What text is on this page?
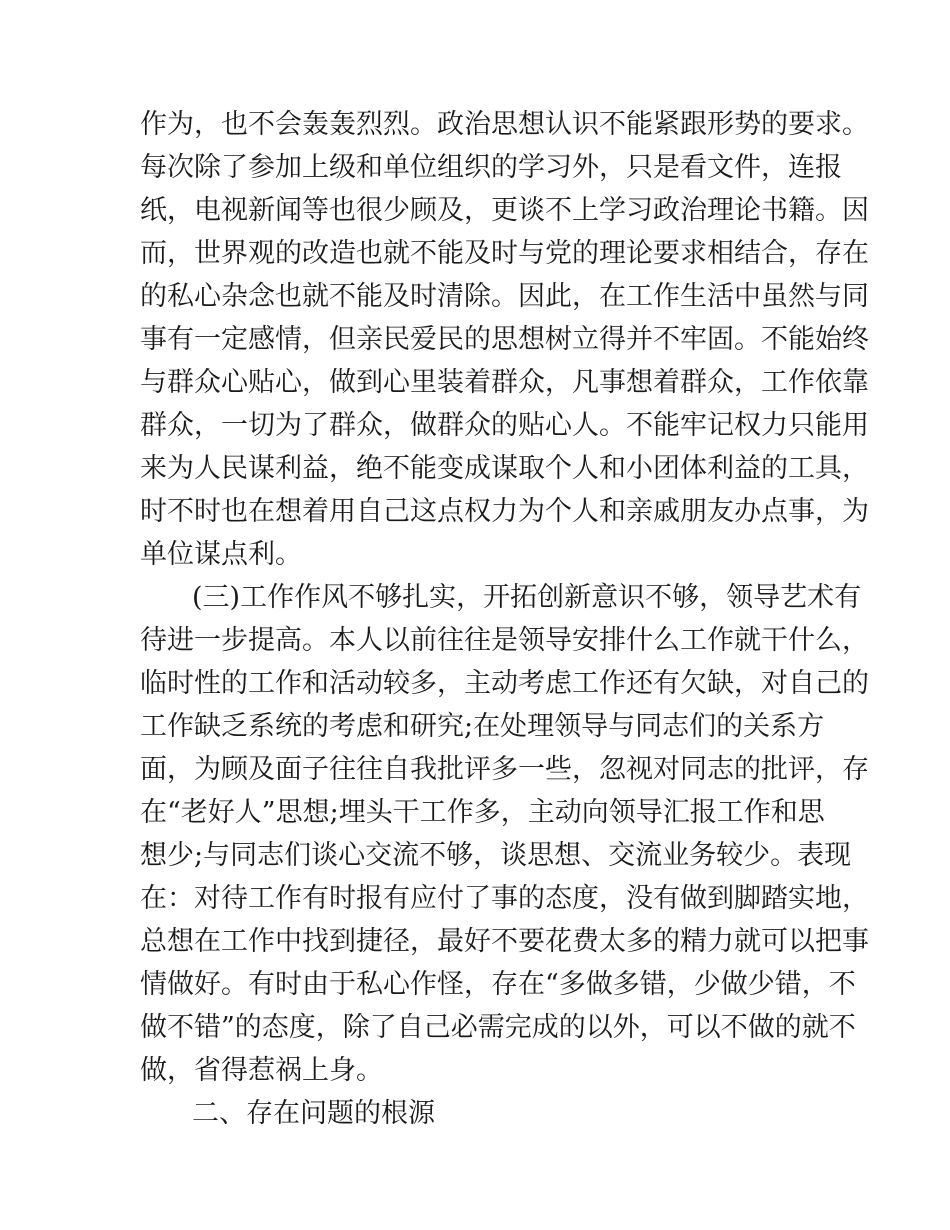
作为，也不会轰轰烈烈。政治思想认识不能紧跟形势的要求。
每次除了参加上级和单位组织的学习外，只是看文件，连报
纸，电视新闻等也很少顾及，更谈不上学习政治理论书籍。因
而，世界观的改造也就不能及时与党的理论要求相结合，存在
的私心杂念也就不能及时清除。因此，在工作生活中虽然与同
事有一定感情，但亲民爱民的思想树立得并不牢固。不能始终
与群众心贴心，做到心里装着群众，凡事想着群众，工作依靠
群众，一切为了群众，做群众的贴心人。不能牢记权力只能用
来为人民谋利益，绝不能变成谋取个人和小团体利益的工具，
时不时也在想着用自己这点权力为个人和亲戚朋友办点事，为
单位谋点利。
(三)工作作风不够扎实，开拓创新意识不够，领导艺术有
待进一步提高。本人以前往往是领导安排什么工作就干什么，
临时性的工作和活动较多，主动考虑工作还有欠缺，对自己的
工作缺乏系统的考虑和研究;在处理领导与同志们的关系方
面，为顾及面子往往自我批评多一些，忽视对同志的批评，存
在“老好人”思想;埋头干工作多，主动向领导汇报工作和思
想少;与同志们谈心交流不够，谈思想、交流业务较少。表现
在：对待工作有时报有应付了事的态度，没有做到脚踏实地，
总想在工作中找到捷径，最好不要花费太多的精力就可以把事
情做好。有时由于私心作怪，存在“多做多错，少做少错，不
做不错”的态度，除了自己必需完成的以外，可以不做的就不
做，省得惹祸上身。
二、存在问题的根源
